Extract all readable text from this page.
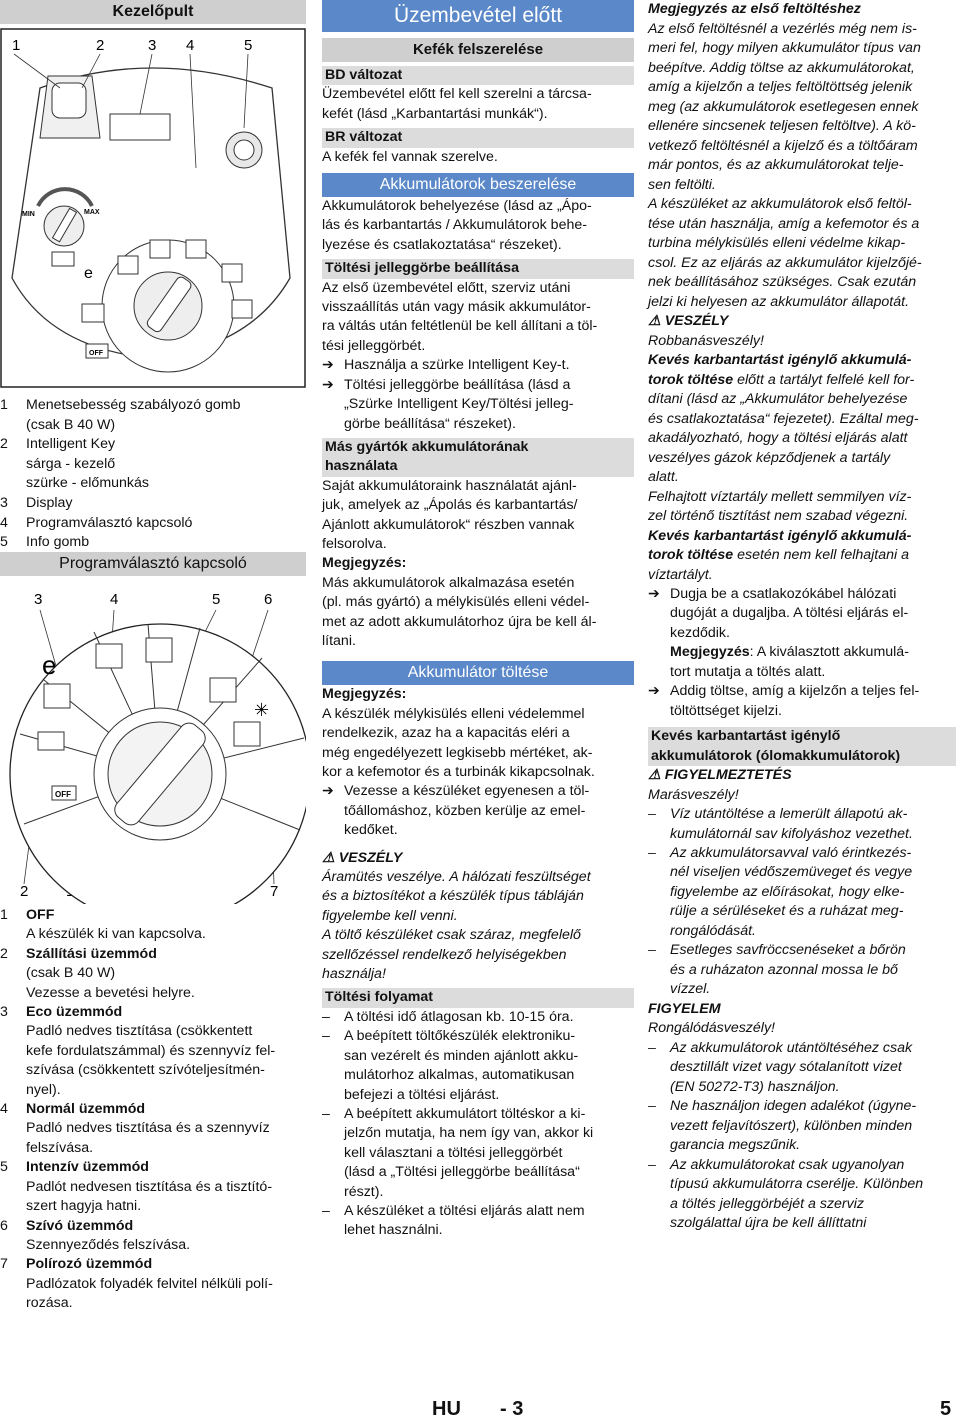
Kezelőpult
1	2	3 4	5
MIN	MAX
e
OFF
1	Menetsebesség szabályozó gomb
(csak B 40 W)
2	Intelligent Key
sárga - kezelő
szürke - előmunkás
3	Display
4	Programválasztó kapcsoló
5	Info gomb
Programválasztó kapcsoló
3	4	5	6
2	7
e
✳
OFF
1	OFF
A készülék ki van kapcsolva.
2	Szállítási üzemmód
(csak B 40 W)
Vezesse a bevetési helyre.
3	Eco üzemmód
Padló nedves tisztítása (csökkentett
kefe fordulatszámmal) és szennyvíz fel-
szívása (csökkentett szívóteljesítmén-
nyel).
4	Normál üzemmód
Padló nedves tisztítása és a szennyvíz
felszívása.
5	Intenzív üzemmód
Padlót nedvesen tisztítása és a tisztító-
szert hagyja hatni.
6	Szívó üzemmód
Szennyeződés felszívása.
7	Polírozó üzemmód
Padlózatok folyadék felvitel nélküli polí-
rozása.
Üzembevétel előtt
Kefék felszerelése
BD változat

Üzembevétel előtt fel kell szerelni a tárcsa-

kefét (lásd „Karbantartási munkák“).

BR változat

A kefék fel vannak szerelve.

Akkumulátorok beszerelése

Akkumulátorok behelyezése (lásd az „Ápo-

lás és karbantartás / Akkumulátorok behe-

lyezése és csatlakoztatása“ részeket).

Töltési jelleggörbe beállítása

Az első üzembevétel előtt, szerviz utáni

visszaállítás után vagy másik akkumulátor-

ra váltás után feltétlenül be kell állítani a töl-

tési jelleggörbét.

➔ Használja a szürke Intelligent Key-t.
➔ Töltési jelleggörbe beállítása (lásd a

„Szürke Intelligent Key/Töltési jelleg-

görbe beállítása“ részeket).

Más gyártók akkumulátorának
használata

Saját akkumulátoraink használatát ajánl-

juk, amelyek az „Ápolás és karbantartás/

Ajánlott akkumulátorok“ részben vannak

felsorolva.

Megjegyzés:

Más akkumulátorok alkalmazása esetén

(pl. más gyártó) a mélykisülés elleni védel-

met az adott akkumulátorhoz újra be kell ál-

lítani.

Akkumulátor töltése

Megjegyzés:

A készülék mélykisülés elleni védelemmel

rendelkezik, azaz ha a kapacitás eléri a

még engedélyezett legkisebb mértéket, ak-

kor a kefemotor és a turbinák kikapcsolnak.

➔ Vezesse a készüléket egyenesen a töl-

tőállomáshoz, közben kerülje az emel-

kedőket.

⚠ VESZÉLY

Áramütés veszélye. A hálózati feszültséget

és a biztosítékot a készülék típus tábláján

figyelembe kell venni.

A töltő készüléket csak száraz, megfelelő

szellőzéssel rendelkező helyiségekben

használja!

Töltési folyamat
– A töltési idő átlagosan kb. 10-15 óra.
– A beépített töltőkészülék elektroniku-

san vezérelt és minden ajánlott akku-

mulátorhoz alkalmas, automatikusan

befejezi a töltési eljárást.

– A beépített akkumulátort töltéskor a ki-

jelzőn mutatja, ha nem így van, akkor ki

kell választani a töltési jelleggörbét

(lásd a „Töltési jelleggörbe beállítása“

részt).

– A készüléket a töltési eljárás alatt nem

lehet használni.

Megjegyzés az első feltöltéshez

Az első feltöltésnél a vezérlés még nem is-

meri fel, hogy milyen akkumulátor típus van

beépítve. Addig töltse az akkumulátorokat,

amíg a kijelzőn a teljes feltöltöttség jelenik

meg (az akkumulátorok esetlegesen ennek

ellenére sincsenek teljesen feltöltve). A kö-

vetkező feltöltésnél a kijelző és a töltőáram

már pontos, és az akkumulátorokat telje-

sen feltölti.

A készüléket az akkumulátorok első feltöl-

tése után használja, amíg a kefemotor és a

turbina mélykisülés elleni védelme kikap-

csol. Ez az eljárás az akkumulátor kijelzőjé-

nek beállításához szükséges. Csak ezután

jelzi ki helyesen az akkumulátor állapotát.

⚠ VESZÉLY

Robbanásveszély!

Kevés karbantartást igénylő akkumulá-

torok töltése előtt a tartályt felfelé kell for-

dítani (lásd az „Akkumulátor behelyezése

és csatlakoztatása“ fejezetet). Ezáltal meg-

akadályozható, hogy a töltési eljárás alatt

veszélyes gázok képződjenek a tartály

alatt.

Felhajtott víztartály mellett semmilyen víz-

zel történő tisztítást nem szabad végezni.

Kevés karbantartást igénylő akkumulá-

torok töltése esetén nem kell felhajtani a

víztartályt.

➔ Dugja be a csatlakozókábel hálózati

dugóját a dugaljba. A töltési eljárás el-

kezdődik.

Megjegyzés: A kiválasztott akkumulá-

tort mutatja a töltés alatt.

➔ Addig töltse, amíg a kijelzőn a teljes fel-

töltöttséget kijelzi.

Kevés karbantartást igénylő
akkumulátorok (ólomakkumulátorok)

⚠ FIGYELMEZTETÉS

Marásveszély!

– Víz utántöltése a lemerült állapotú ak-

kumulátornál sav kifolyáshoz vezethet.

– Az akkumulátorsavval való érintkezés-

nél viseljen védőszemüveget és vegye

figyelembe az előírásokat, hogy elke-

rülje a sérüléseket és a ruházat meg-

rongálódását.

– Esetleges savfröccsenéseket a bőrön

és a ruházaton azonnal mossa le bő

vízzel.

FIGYELEM

Rongálódásveszély!

– Az akkumulátorok utántöltéséhez csak

desztillált vizet vagy sótalanított vizet

(EN 50272-T3) használjon.

– Ne használjon idegen adalékot (úgyne-

vezett feljavítószert), különben minden

garancia megszűnik.

– Az akkumulátorokat csak ugyanolyan

típusú akkumulátorra cserélje. Különben

a töltés jelleggörbéjét a szerviz

szolgálattal újra be kell állíttatni

HU - 3	5
